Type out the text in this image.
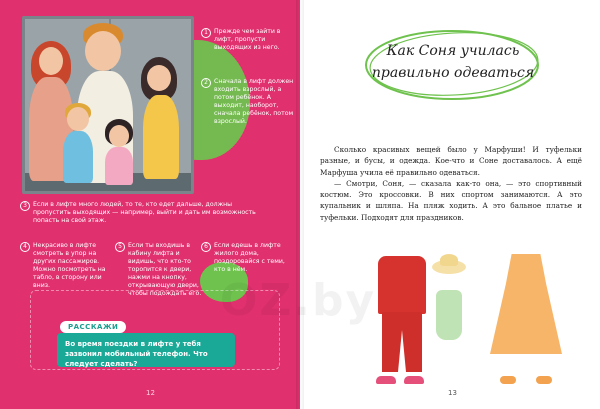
1 Прежде чем зайти в лифт, пропусти выходящих из него.
2 Сначала в лифт должен входить взрослый, а потом ребёнок. А выходит, наоборот, сначала ребёнок, потом взрослый.
3 Если в лифте много людей, то те, кто едет дальше, должны пропустить выходящих — например, выйти и дать им возможность попасть на свой этаж.
4 Некрасиво в лифте смотреть в упор на других пассажиров. Можно посмотреть на табло, в сторону или вниз.
5 Если ты входишь в кабину лифта и видишь, что кто-то торопится к двери, нажми на кнопку, открывающую двери, чтобы подождать его.
6 Если едешь в лифте жилого дома, поздоровайся с теми, кто в нём.
РАССКАЖИ
Во время поездки в лифте у тебя зазвонил мобильный телефон. Что следует сделать?
12
Как Соня училась
правильно одеваться

Сколько красивых вещей было у Марфуши! И туфельки разные, и бусы, и одежда. Кое-что и Соне доставалось. А ещё Марфуша учила её правильно одеваться.

— Смотри, Соня, — сказала как-то она, — это спортивный костюм. Это кроссовки. В них спортом занимаются. А это купальник и шляпа. На пляж ходить. А это бальное платье и туфельки. Подходят для праздников.

13
